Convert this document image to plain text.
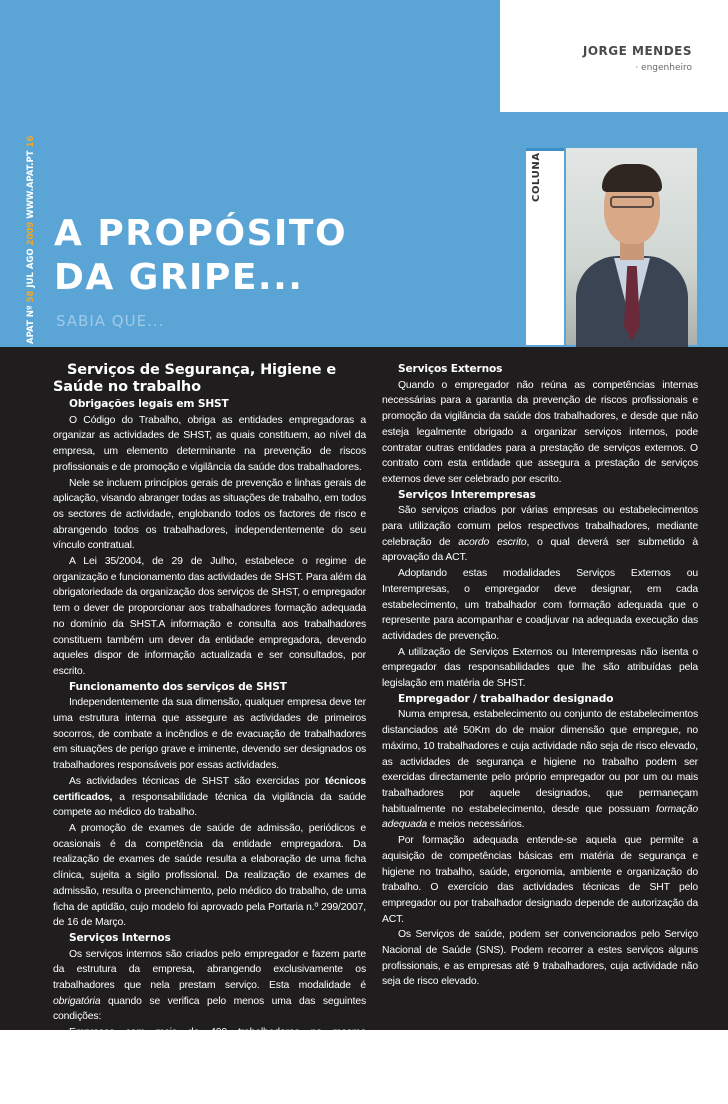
JORGE MENDES
· engenheiro
COLUNA
APAT Nº 58 JUL AGO 2009 WWW.APAT.PT 16
A PROPÓSITO
DA GRIPE...
SABIA QUE...
Serviços de Segurança, Higiene e Saúde no trabalho
Obrigações legais em SHST

O Código do Trabalho, obriga as entidades empregadoras a organizar as actividades de SHST, as quais constituem, ao nível da empresa, um elemento determinante na prevenção de riscos profissionais e de promoção e vigilância da saúde dos trabalhadores.

Nele se incluem princípios gerais de prevenção e linhas gerais de aplicação, visando abranger todas as situações de trabalho, em todos os sectores de actividade, englobando todos os factores de risco e abrangendo todos os trabalhadores, independentemente do seu vínculo contratual.

A Lei 35/2004, de 29 de Julho, estabelece o regime de organização e funcionamento das actividades de SHST. Para além da obrigatoriedade da organização dos serviços de SHST, o empregador tem o dever de proporcionar aos trabalhadores formação adequada no domínio da SHST.A informação e consulta aos trabalhadores constituem também um dever da entidade empregadora, devendo aqueles dispor de informação actualizada e ser consultados, por escrito.

Funcionamento dos serviços de SHST

Independentemente da sua dimensão, qualquer empresa deve ter uma estrutura interna que assegure as actividades de primeiros socorros, de combate a incêndios e de evacuação de trabalhadores em situações de perigo grave e iminente, devendo ser designados os trabalhadores responsáveis por essas actividades.

As actividades técnicas de SHST são exercidas por técnicos certificados, a responsabilidade técnica da vigilância da saúde compete ao médico do trabalho.

A promoção de exames de saúde de admissão, periódicos e ocasionais é da competência da entidade empregadora. Da realização de exames de saúde resulta a elaboração de uma ficha clínica, sujeita a sigilo profissional. Da realização de exames de admissão, resulta o preenchimento, pelo médico do trabalho, de uma ficha de aptidão, cujo modelo foi aprovado pela Portaria n.º 299/2007, de 16 de Março.

Serviços Internos

Os serviços internos são criados pelo empregador e fazem parte da estrutura da empresa, abrangendo exclusivamente os trabalhadores que nela prestam serviço. Esta modalidade é obrigatória quando se verifica pelo menos uma das seguintes condições:

Empresas com mais de 400 trabalhadores no mesmo estabelecimento ou no conjunto de estabelecimentos distanciados até 50Km do de maior dimensão, qualquer que seja a actividade desenvolvida; Empresas que desenvolvam actividades de risco elevado, a que estejam expostos pelo menos 30 trabalhadores.

Serviços Externos

Quando o empregador não reúna as competências internas necessárias para a garantia da prevenção de riscos profissionais e promoção da vigilância da saúde dos trabalhadores, e desde que não esteja legalmente obrigado a organizar serviços internos, pode contratar outras entidades para a prestação de serviços externos. O contrato com esta entidade que assegura a prestação de serviços externos deve ser celebrado por escrito.

Serviços Interempresas

São serviços criados por várias empresas ou estabelecimentos para utilização comum pelos respectivos trabalhadores, mediante celebração de acordo escrito, o qual deverá ser submetido à aprovação da ACT.

Adoptando estas modalidades Serviços Externos ou Interempresas, o empregador deve designar, em cada estabelecimento, um trabalhador com formação adequada que o represente para acompanhar e coadjuvar na adequada execução das actividades de prevenção.

A utilização de Serviços Externos ou Interempresas não isenta o empregador das responsabilidades que lhe são atribuídas pela legislação em matéria de SHST.

Empregador / trabalhador designado

Numa empresa, estabelecimento ou conjunto de estabelecimentos distanciados até 50Km do de maior dimensão que empregue, no máximo, 10 trabalhadores e cuja actividade não seja de risco elevado, as actividades de segurança e higiene no trabalho podem ser exercidas directamente pelo próprio empregador ou por um ou mais trabalhadores por aquele designados, que permaneçam habitualmente no estabelecimento, desde que possuam formação adequada e meios necessários.

Por formação adequada entende-se aquela que permite a aquisição de competências básicas em matéria de segurança e higiene no trabalho, saúde, ergonomia, ambiente e organização do trabalho. O exercício das actividades técnicas de SHT pelo empregador ou por trabalhador designado depende de autorização da ACT.

Os Serviços de saúde, podem ser convencionados pelo Serviço Nacional de Saúde (SNS). Podem recorrer a estes serviços alguns profissionais, e as empresas até 9 trabalhadores, cuja actividade não seja de risco elevado.
